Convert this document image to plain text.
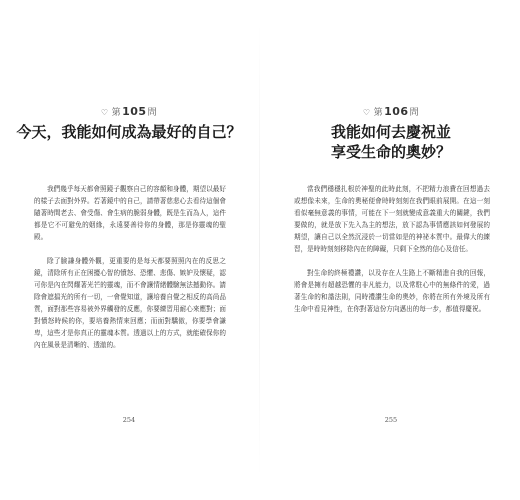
♡ 第105問
今天，我能如何成為最好的自己？

我們幾乎每天都會照鏡子觀察自己的容顏和身體，期望以最好的樣子去面對外界。若著鏡中的自己，請帶著慈悲心去看待這個會隨著時間老去、會受傷、會生病的脆弱身體，既是生而為人，這件都是它不可避免的姻緣，永遠要善待你的身體，那是你靈魂的聖殿。

除了臉謙身體外觀，更重要的是每天都要照照內在的反思之鏡，清除所有正在困擾心智的憤怒、恐懼、悲傷、嫉妒及懷疑，認可你是內在閃耀著光芒的靈魂，而不會讓情緒體驗無法撼動你。請除會遮擋光的所有一切，一會覺知道，讓培養自覺之相反的高尚品質，面對那些容易被外界觸發的反應，你要練習用耐心來應對；面對憤怒時候的你，要培養熱情來回應；而面對驕傲，你要學會謙卑，這些才是你真正的靈魂本質。透過以上的方式，就能確保你的內在風景是清晰的、透澈的。

254
♡ 第106問
我能如何去慶祝並
享受生命的奧妙？

當我們穩穩扎根於神聖的此時此刻，不把精力浪費在回想過去或想像未來，生命的奧秘便會時時刻刻在我們眼前展開。在這一刻看似毫無意義的事情，可能在下一刻就變成意義重大的關鍵，我們要做的，就是放下先入為主的想法，放下認為事情應該如何發展的期望，讓自己以全然沉浸於一切當如是的神祕本質中。最偉大的練習，是時時刻刻移除內在的障礙，只剩下全然的信心及信任。

對生命的終極禮讚，以及存在人生路上不斷精進自我的回報，將會是擁有超越恐懼的非凡能力，以及常駐心中的無條件的愛，過著生命的和諧法則，同時禮讚生命的奧妙，你將在所有外境及所有生命中看見神性，在你對著這份方向邁出的每一步，都值得慶祝。

255
